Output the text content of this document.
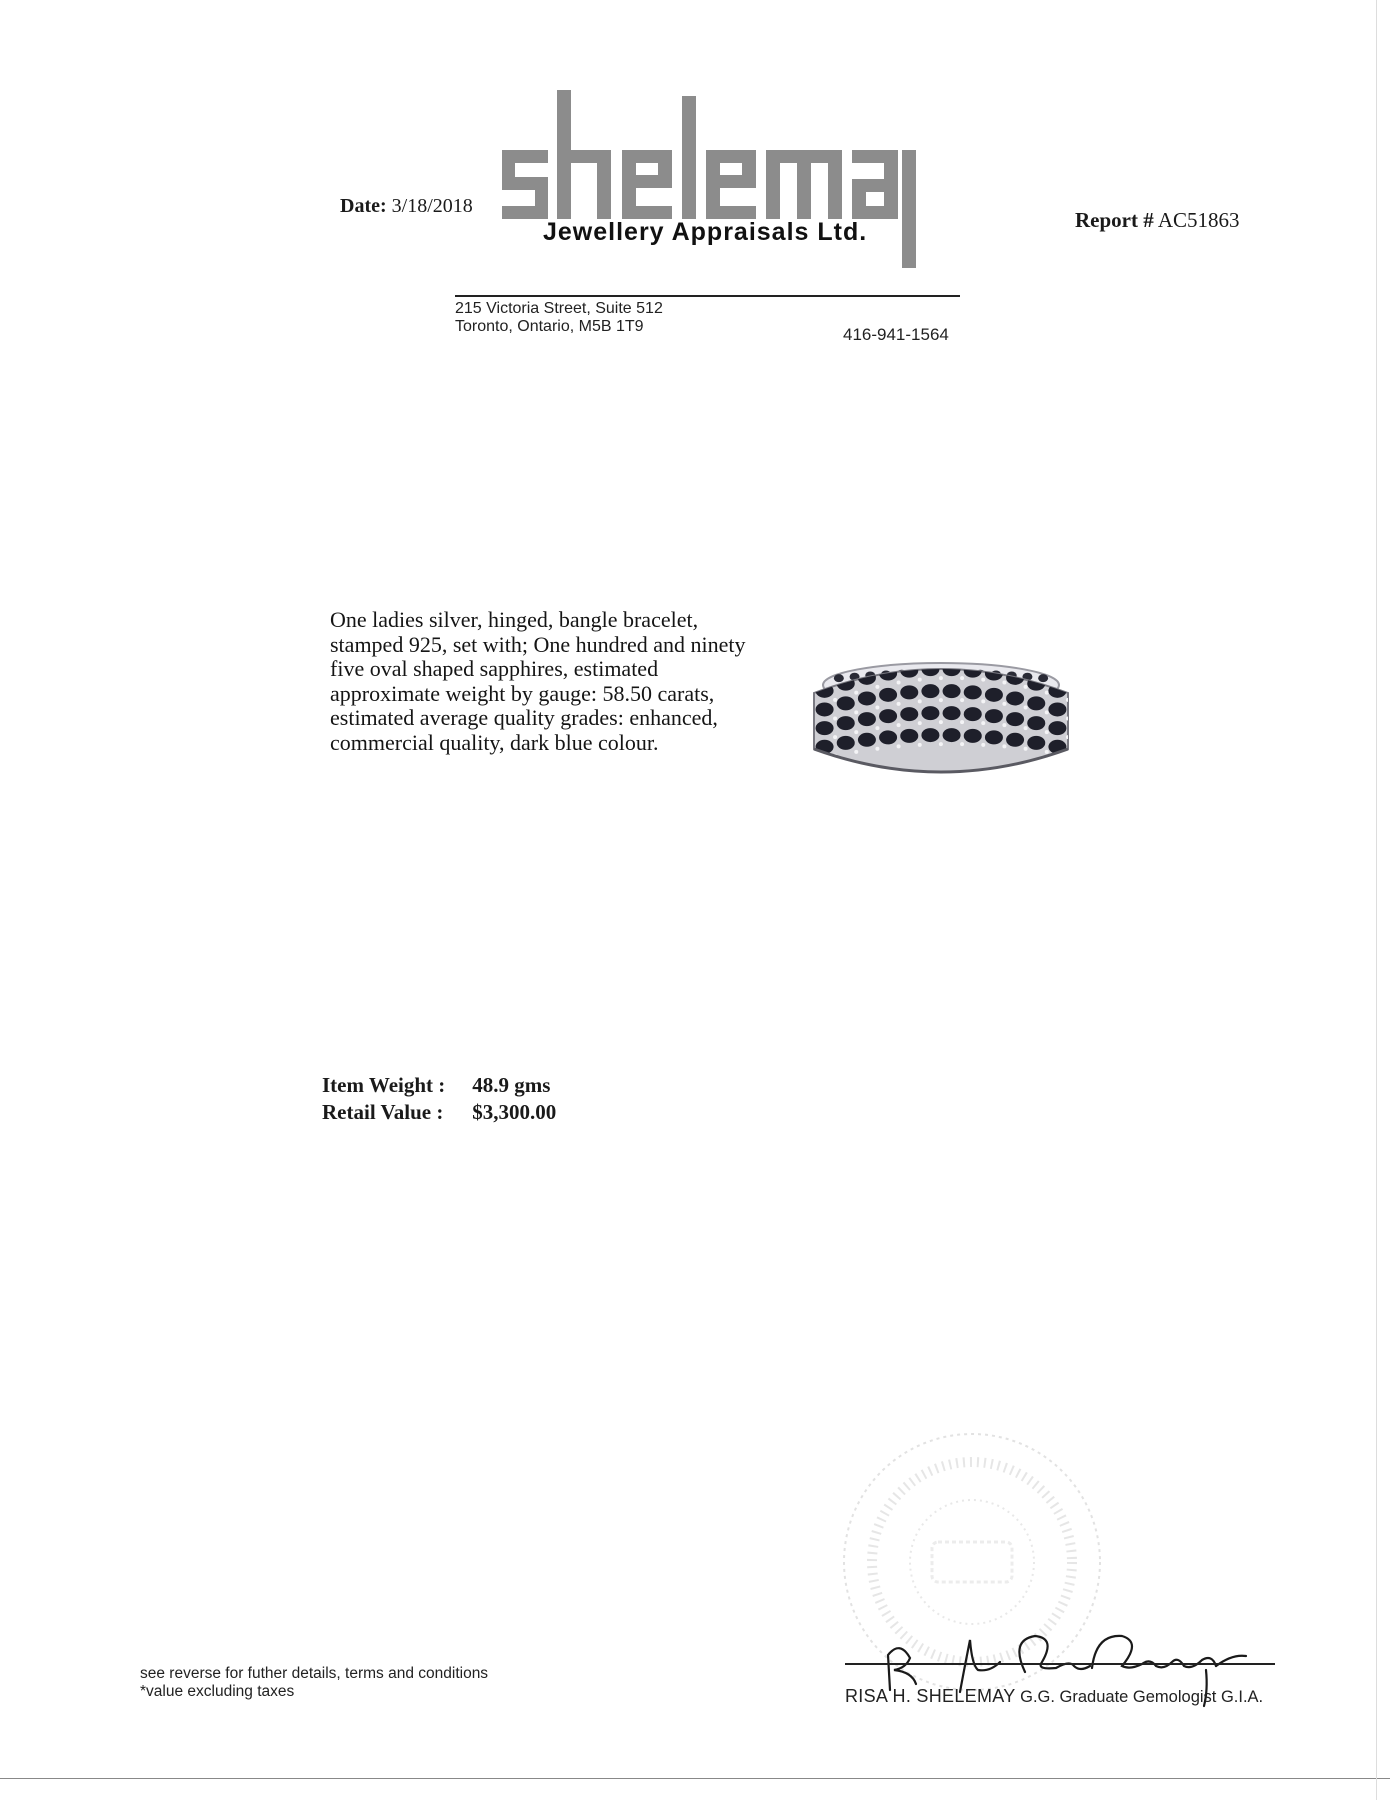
Date: 3/18/2018
Jewellery Appraisals Ltd.	Report # AC51863
215 Victoria Street, Suite 512
Toronto, Ontario, M5B 1T9	416-941-1564
One ladies silver, hinged, bangle bracelet, stamped 925, set with; One hundred and ninety five oval shaped sapphires, estimated approximate weight by gauge: 58.50 carats, estimated average quality grades: enhanced, commercial quality, dark blue colour.
Item Weight : 48.9 gms
Retail Value : $3,300.00
RISA H. SHELEMAY G.G. Graduate Gemologist G.I.A.
see reverse for futher details, terms and conditions
*value excluding taxes
